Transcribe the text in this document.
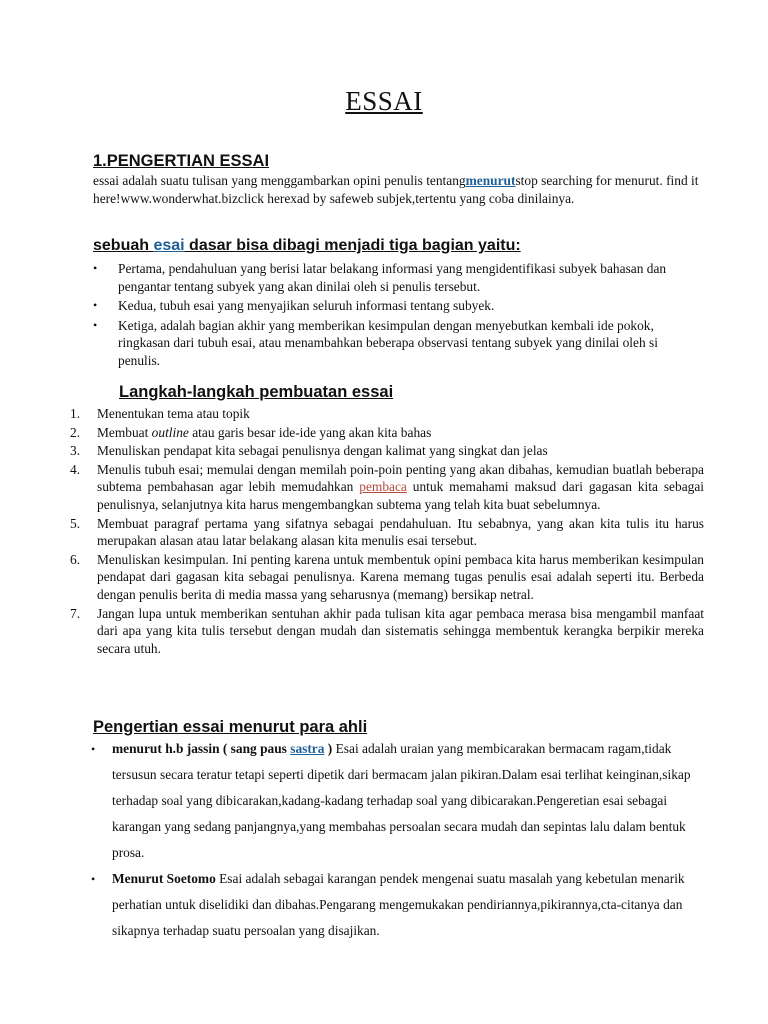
ESSAI
1.PENGERTIAN ESSAI

essai adalah suatu tulisan yang menggambarkan opini penulis tentangmenurutstop searching for menurut. find it here!www.wonderwhat.bizclick herexad by safeweb subjek,tertentu yang coba dinilainya.

sebuah esai dasar bisa dibagi menjadi tiga bagian yaitu:
• Pertama, pendahuluan yang berisi latar belakang informasi yang mengidentifikasi subyek bahasan dan pengantar tentang subyek yang akan dinilai oleh si penulis tersebut.
• Kedua, tubuh esai yang menyajikan seluruh informasi tentang subyek.
• Ketiga, adalah bagian akhir yang memberikan kesimpulan dengan menyebutkan kembali ide pokok, ringkasan dari tubuh esai, atau menambahkan beberapa observasi tentang subyek yang dinilai oleh si penulis.
Langkah-langkah pembuatan essai
1. Menentukan tema atau topik
2. Membuat outline atau garis besar ide-ide yang akan kita bahas
3. Menuliskan pendapat kita sebagai penulisnya dengan kalimat yang singkat dan jelas
4. Menulis tubuh esai; memulai dengan memilah poin-poin penting yang akan dibahas, kemudian buatlah beberapa subtema pembahasan agar lebih memudahkan pembaca untuk memahami maksud dari gagasan kita sebagai penulisnya, selanjutnya kita harus mengembangkan subtema yang telah kita buat sebelumnya.
5. Membuat paragraf pertama yang sifatnya sebagai pendahuluan. Itu sebabnya, yang akan kita tulis itu harus merupakan alasan atau latar belakang alasan kita menulis esai tersebut.
6. Menuliskan kesimpulan. Ini penting karena untuk membentuk opini pembaca kita harus memberikan kesimpulan pendapat dari gagasan kita sebagai penulisnya. Karena memang tugas penulis esai adalah seperti itu. Berbeda dengan penulis berita di media massa yang seharusnya (memang) bersikap netral.
7. Jangan lupa untuk memberikan sentuhan akhir pada tulisan kita agar pembaca merasa bisa mengambil manfaat dari apa yang kita tulis tersebut dengan mudah dan sistematis sehingga membentuk kerangka berpikir mereka secara utuh.
Pengertian essai menurut para ahli
• menurut h.b jassin ( sang paus sastra ) Esai adalah uraian yang membicarakan bermacam ragam,tidak tersusun secara teratur tetapi seperti dipetik dari bermacam jalan pikiran.Dalam esai terlihat keinginan,sikap terhadap soal yang dibicarakan,kadang-kadang terhadap soal yang dibicarakan.Pengeretian esai sebagai karangan yang sedang panjangnya,yang membahas persoalan secara mudah dan sepintas lalu dalam bentuk prosa.
• Menurut Soetomo Esai adalah sebagai karangan pendek mengenai suatu masalah yang kebetulan menarik perhatian untuk diselidiki dan dibahas.Pengarang mengemukakan pendiriannya,pikirannya,cta-citanya dan sikapnya terhadap suatu persoalan yang disajikan.
